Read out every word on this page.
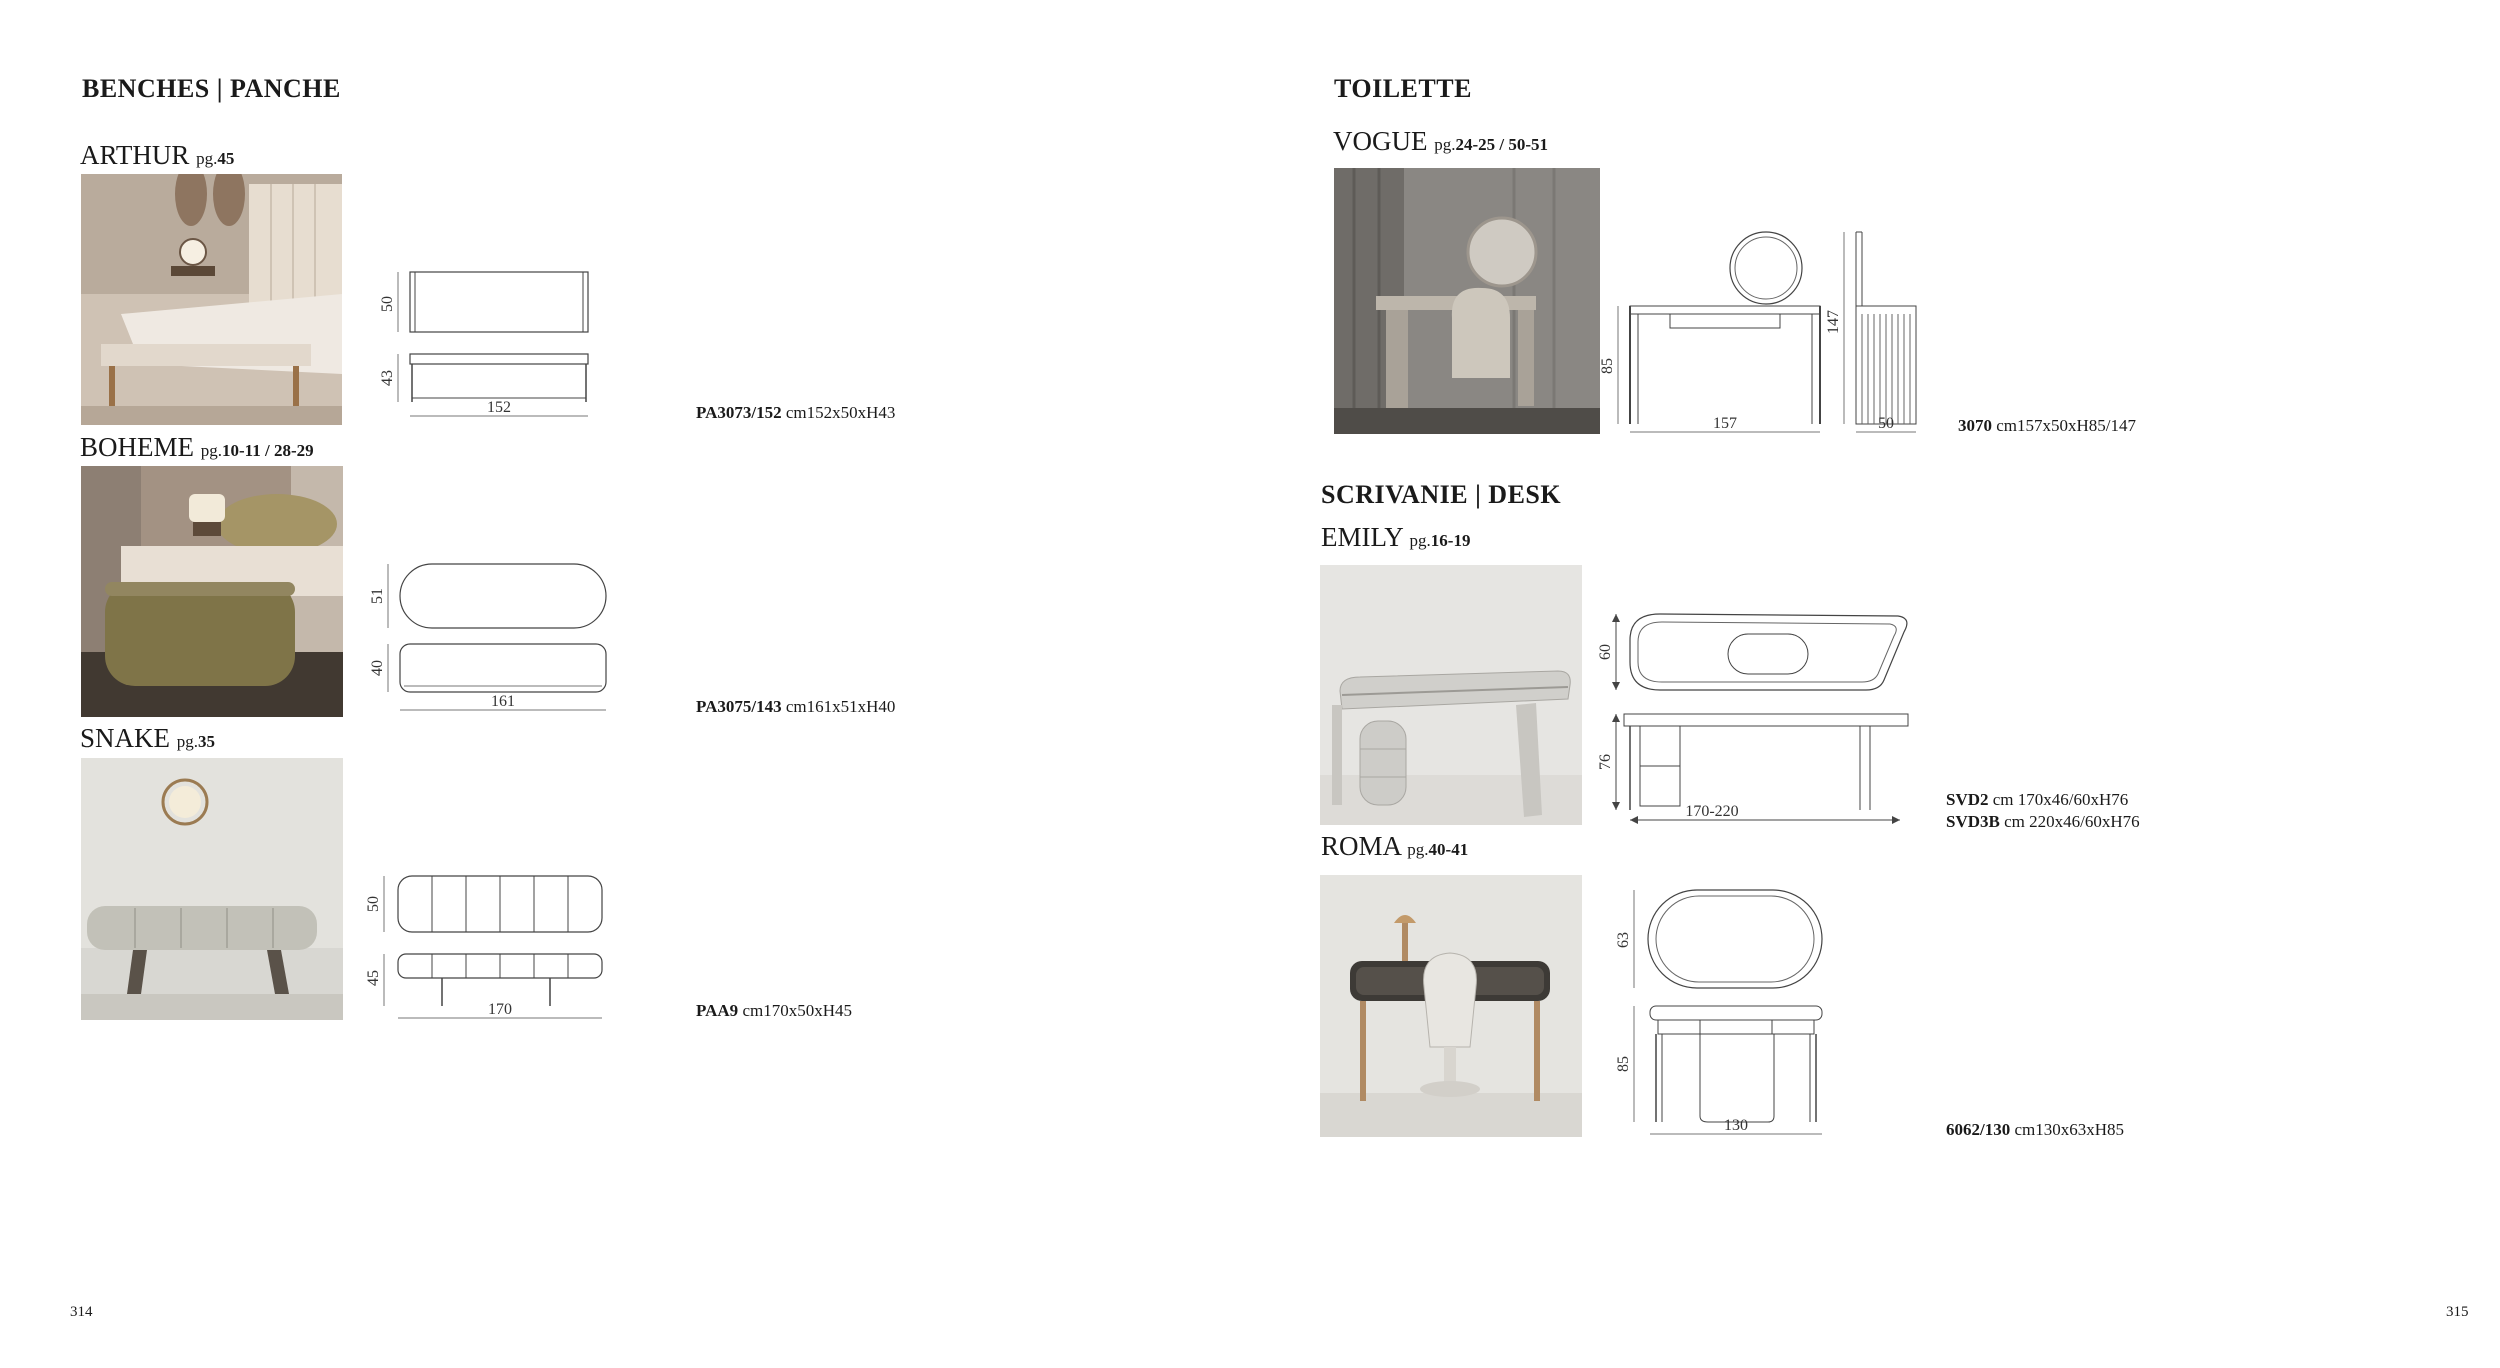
BENCHES | PANCHE
ARTHUR pg.45
50
43
152	PA3073/152 cm152x50xH43
BOHEME pg.10-11 / 28-29
51
40
161	PA3075/143 cm161x51xH40
SNAKE pg.35
50
45
170	PAA9 cm170x50xH45
314
TOILETTE
VOGUE pg.24-25 / 50-51
85
157
147
50	3070 cm157x50xH85/147
SCRIVANIE | DESK
EMILY pg.16-19
60
76
170-220
SVD2 cm 170x46/60xH76
SVD3B cm 220x46/60xH76
ROMA pg.40-41
63
85
130	6062/130 cm130x63xH85
315
